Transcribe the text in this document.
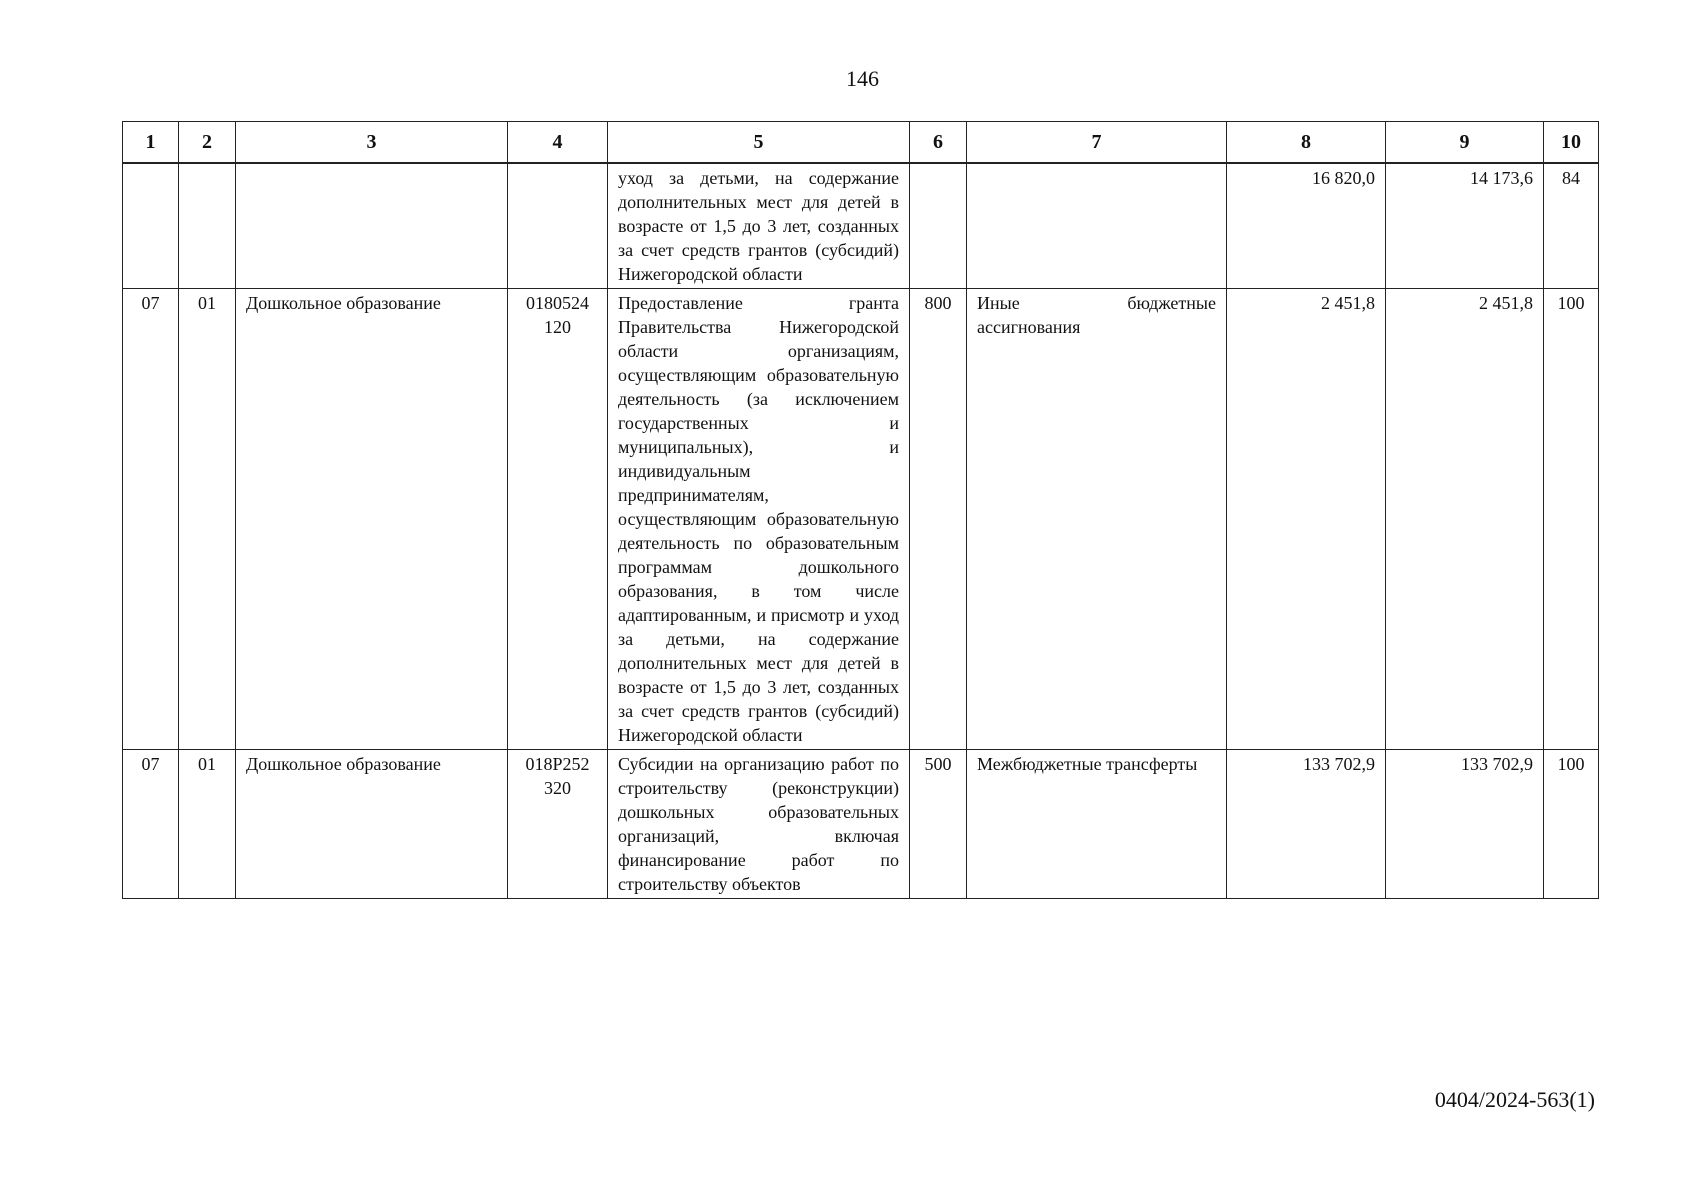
146
1	2	3	4	5	6	7	8	9	10
				уход за детьми, на содержание дополнительных мест для детей в возрасте от 1,5 до 3 лет, созданных за счет средств грантов (субсидий) Нижегородской области			16 820,0	14 173,6	84
07	01	Дошкольное образование	0180524 120	Предоставление гранта Правительства Нижегородской области организациям, осуществляющим образовательную деятельность (за исключением государственных и муниципальных), и индивидуальным предпринимателям, осуществляющим образовательную деятельность по образовательным программам дошкольного образования, в том числе адаптированным, и присмотр и уход за детьми, на содержание дополнительных мест для детей в возрасте от 1,5 до 3 лет, созданных за счет средств грантов (субсидий) Нижегородской области	800	Иные бюджетные ассигнования	2 451,8	2 451,8	100
07	01	Дошкольное образование	018Р252 320	Субсидии на организацию работ по строительству (реконструкции) дошкольных образовательных организаций, включая финансирование работ по строительству объектов	500	Межбюджетные трансферты	133 702,9	133 702,9	100
0404/2024-563(1)
